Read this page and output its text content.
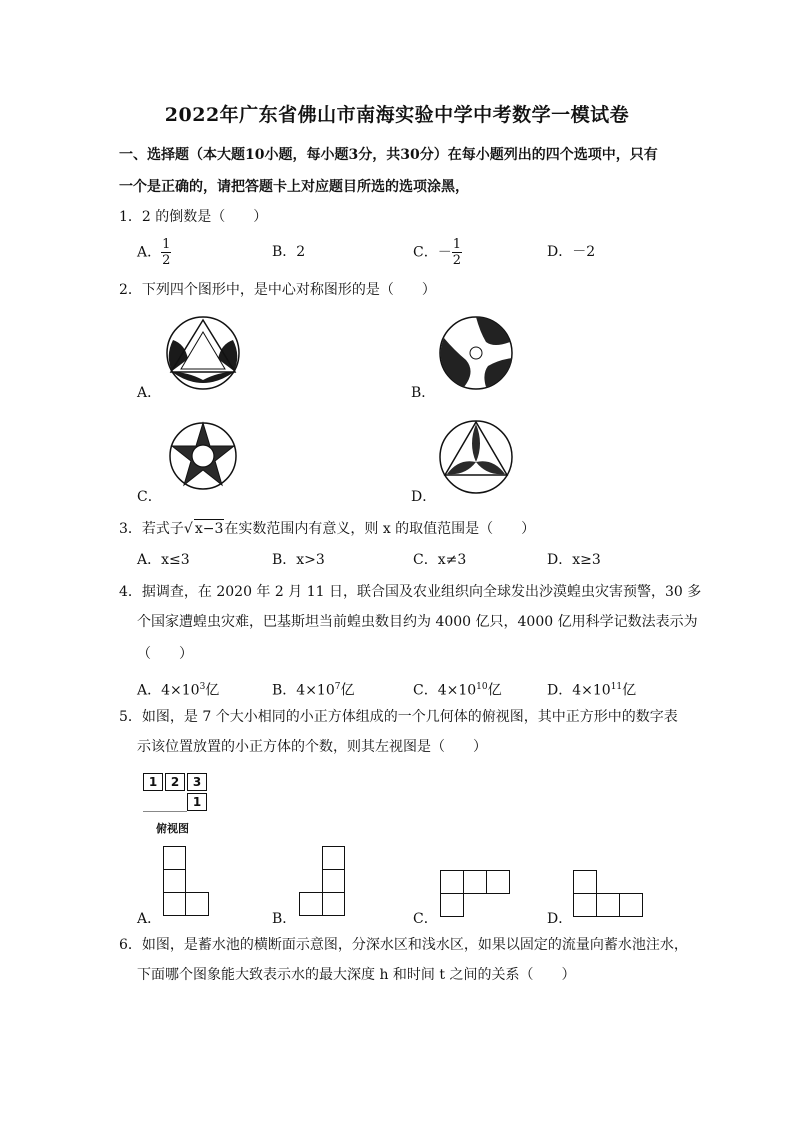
2022年广东省佛山市南海实验中学中考数学一模试卷
一、选择题（本大题10小题，每小题3分，共30分）在每小题列出的四个选项中，只有
一个是正确的，请把答题卡上对应题目所选的选项涂黑，
1．2 的倒数是（　　）
A． $\frac{1}{2}$	B．2	C．－ $\frac{1}{2}$	D．－2
2．下列四个图形中，是中心对称图形的是（　　）
A．	B．
C．	D．
3．若式子√ x−3在实数范围内有意义，则 x 的取值范围是（　　）
A．x≤3	B．x>3	C．x≠3	D．x≥3
4．据调查，在 2020 年 2 月 11 日，联合国及农业组织向全球发出沙漠蝗虫灾害预警，30 多
个国家遭蝗虫灾难，巴基斯坦当前蝗虫数目约为 4000 亿只，4000 亿用科学记数法表示为
（　　）
A．$4\times 10^3$亿	B．$4\times 10^7$亿	C．$4\times 10^{10}$亿	D．$4\times 10^{11}$亿
5．如图，是 7 个大小相同的小正方体组成的一个几何体的俯视图，其中正方形中的数字表
示该位置放置的小正方体的个数，则其左视图是（　　）
1	2	3
1
俯视图
A．	B．	C．	D．
6．如图，是蓄水池的横断面示意图，分深水区和浅水区，如果以固定的流量向蓄水池注水，
下面哪个图象能大致表示水的最大深度 h 和时间 t 之间的关系（　　）
